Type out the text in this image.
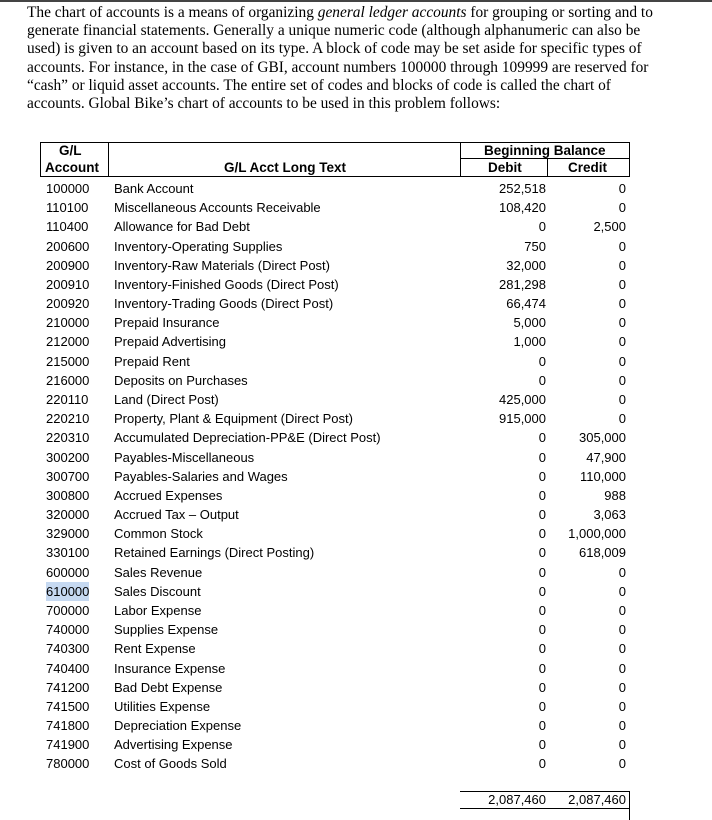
The chart of accounts is a means of organizing general ledger accounts for grouping or sorting and to generate financial statements. Generally a unique numeric code (although alphanumeric can also be used) is given to an account based on its type. A block of code may be set aside for specific types of accounts. For instance, in the case of GBI, account numbers 100000 through 109999 are reserved for “cash” or liquid asset accounts. The entire set of codes and blocks of code is called the chart of accounts. Global Bike’s chart of accounts to be used in this problem follows:

G/L
Account	G/L Acct Long Text
Beginning Balance
Debit	Credit
100000 Bank Account	252,518	0
110100 Miscellaneous Accounts Receivable	108,420	0
110400 Allowance for Bad Debt	0	2,500
200600 Inventory-Operating Supplies	750	0
200900 Inventory-Raw Materials (Direct Post)	32,000	0
200910 Inventory-Finished Goods (Direct Post)	281,298	0
200920 Inventory-Trading Goods (Direct Post)	66,474	0
210000 Prepaid Insurance	5,000	0
212000 Prepaid Advertising	1,000	0
215000 Prepaid Rent	0	0
216000 Deposits on Purchases	0	0
220110 Land (Direct Post)	425,000	0
220210 Property, Plant & Equipment (Direct Post)	915,000	0
220310 Accumulated Depreciation-PP&E (Direct Post)	0	305,000
300200 Payables-Miscellaneous	0	47,900
300700 Payables-Salaries and Wages	0	110,000
300800 Accrued Expenses	0	988
320000 Accrued Tax – Output	0	3,063
329000 Common Stock	0	1,000,000
330100 Retained Earnings (Direct Posting)	0	618,009
600000 Sales Revenue	0	0
610000 Sales Discount	0	0
700000 Labor Expense	0	0
740000 Supplies Expense	0	0
740300 Rent Expense	0	0
740400 Insurance Expense	0	0
741200 Bad Debt Expense	0	0
741500 Utilities Expense	0	0
741800 Depreciation Expense	0	0
741900 Advertising Expense	0	0
780000 Cost of Goods Sold	0	0
2,087,460	2,087,460
